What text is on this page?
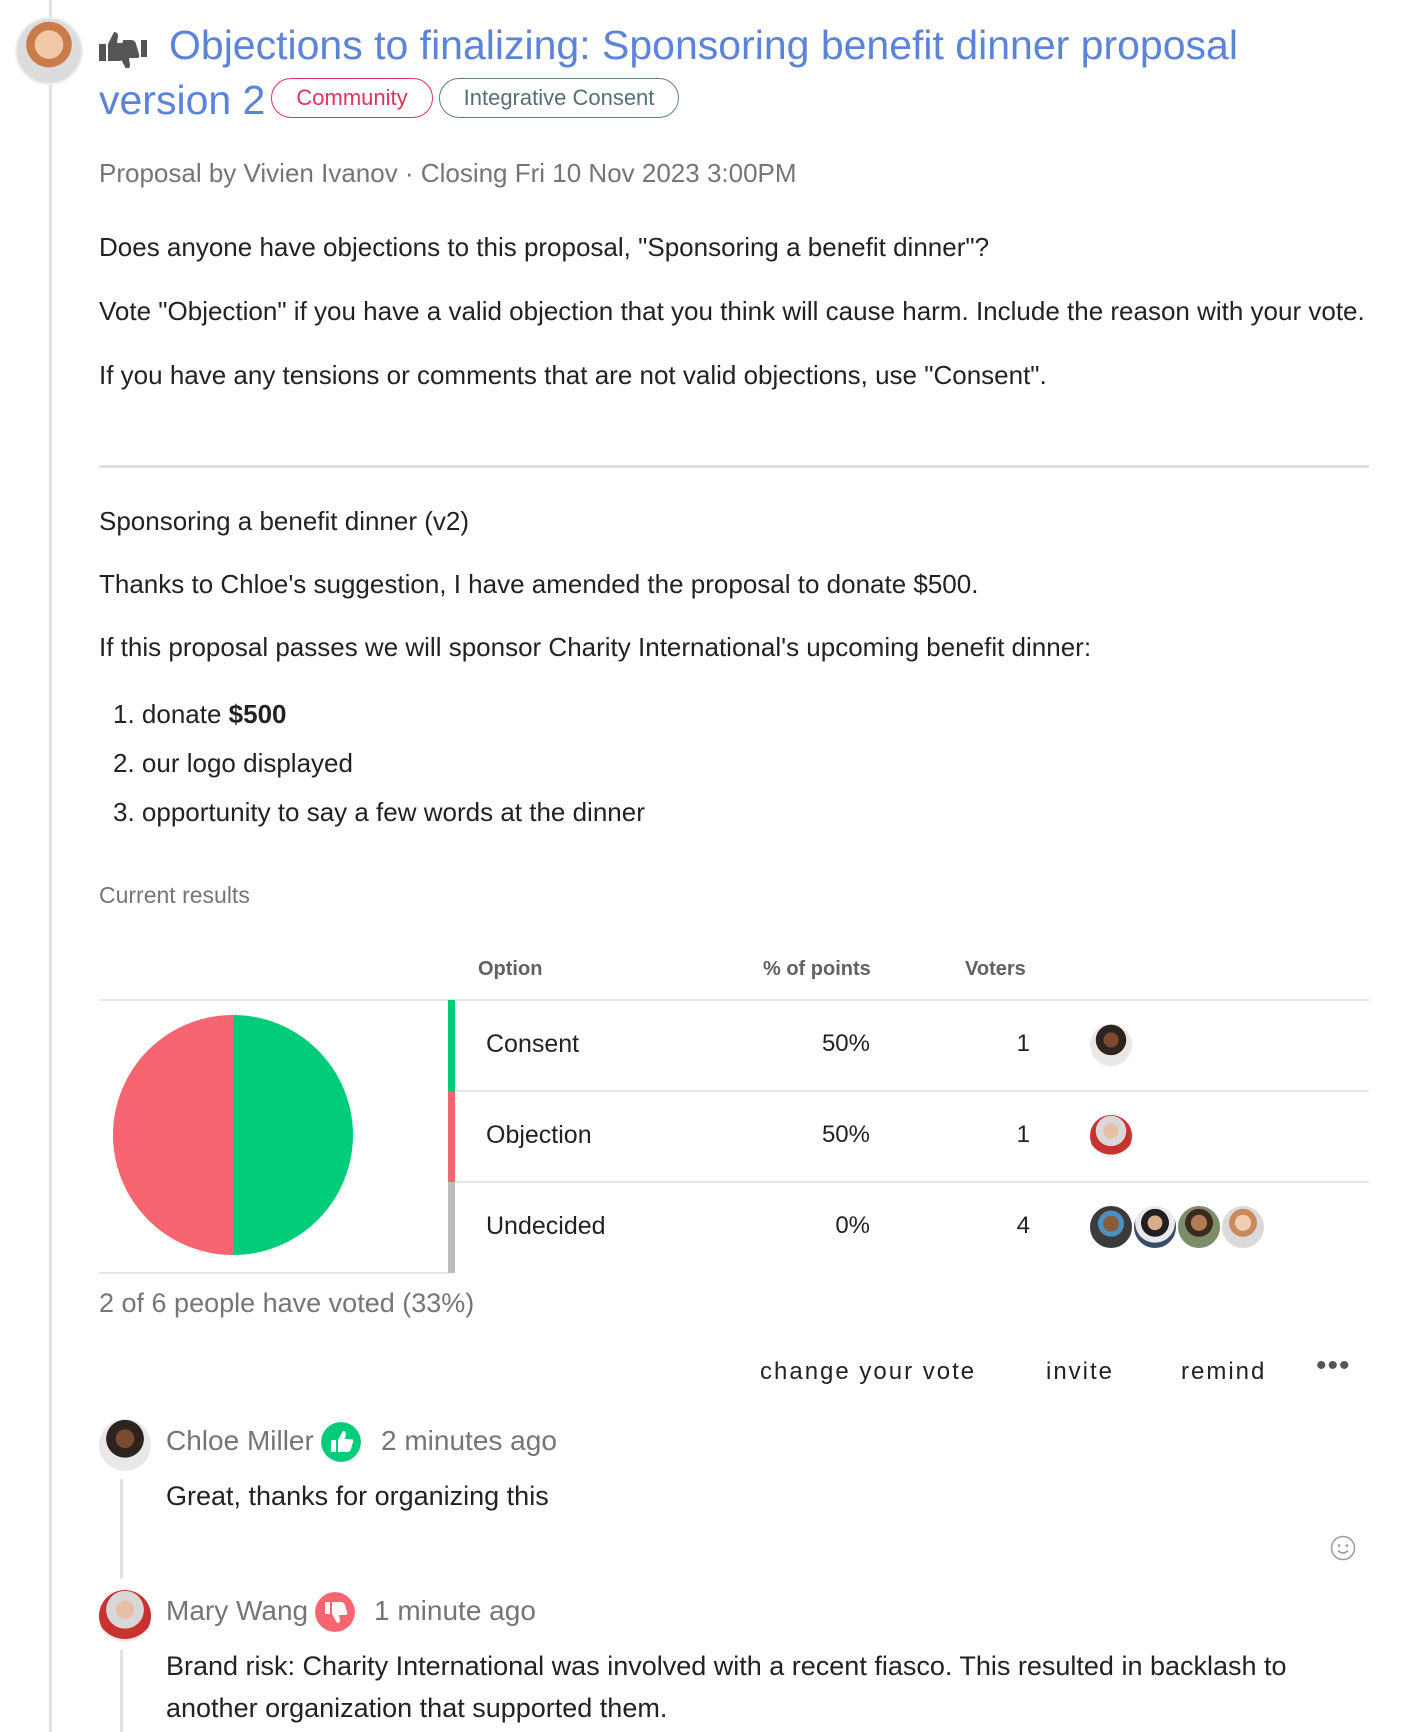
Objections to finalizing: Sponsoring benefit dinner proposal version 2 Community	Integrative Consent
Proposal by Vivien Ivanov · Closing Fri 10 Nov 2023 3:00PM

Does anyone have objections to this proposal, "Sponsoring a benefit dinner"?

Vote "Objection" if you have a valid objection that you think will cause harm. Include the reason with your vote.

If you have any tensions or comments that are not valid objections, use "Consent".

Sponsoring a benefit dinner (v2)

Thanks to Chloe's suggestion, I have amended the proposal to donate $500.

If this proposal passes we will sponsor Charity International's upcoming benefit dinner:

1. donate $500
2. our logo displayed
3. opportunity to say a few words at the dinner
Current results
Option	% of points	Voters
Consent	50%	1
Objection	50%	1
Undecided	0%	4
2 of 6 people have voted (33%)
change your vote	invite	remind •••
Chloe Miller 2 minutes ago
Great, thanks for organizing this
Mary Wang 1 minute ago
Brand risk: Charity International was involved with a recent fiasco. This resulted in backlash to another organization that supported them.
